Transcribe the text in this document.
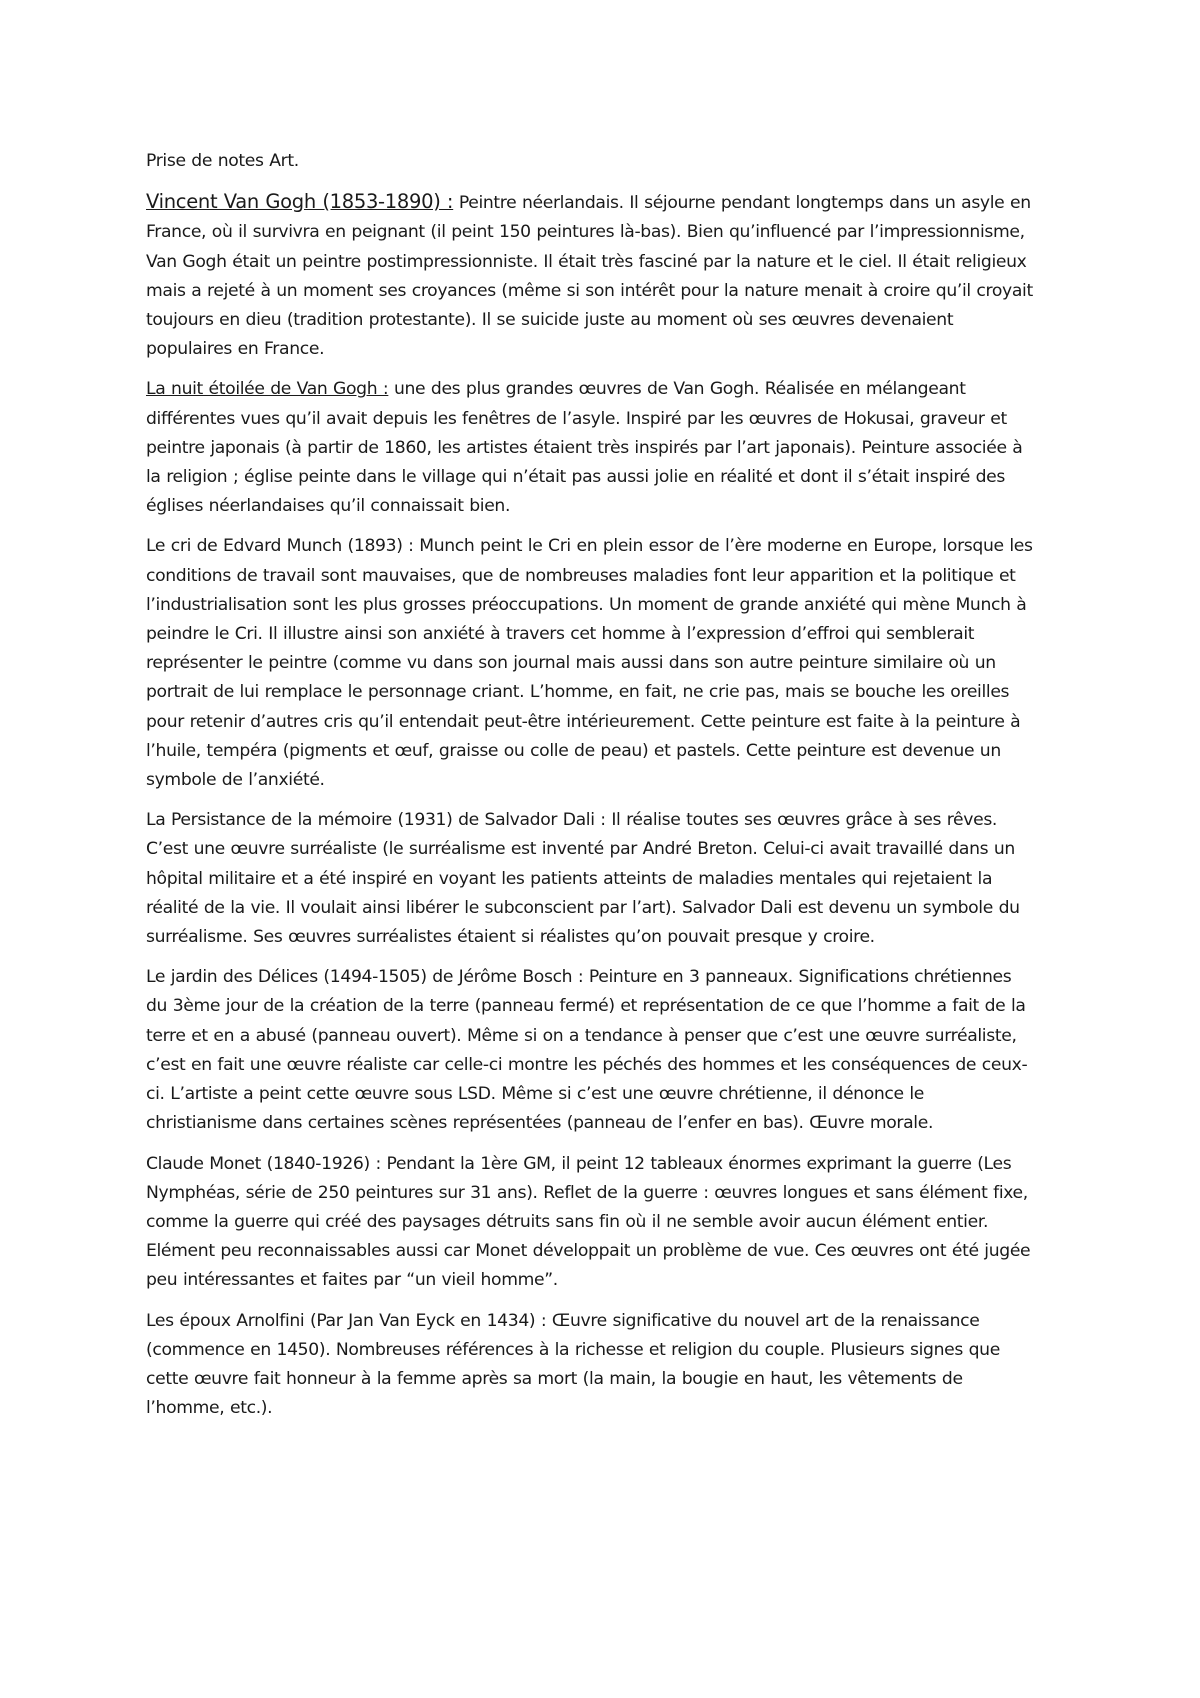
Prise de notes Art.

Vincent Van Gogh (1853-1890) : Peintre néerlandais. Il séjourne pendant longtemps dans un asyle en France, où il survivra en peignant (il peint 150 peintures là-bas). Bien qu’influencé par l’impressionnisme, Van Gogh était un peintre postimpressionniste. Il était très fasciné par la nature et le ciel. Il était religieux mais a rejeté à un moment ses croyances (même si son intérêt pour la nature menait à croire qu’il croyait toujours en dieu (tradition protestante). Il se suicide juste au moment où ses œuvres devenaient populaires en France.

La nuit étoilée de Van Gogh : une des plus grandes œuvres de Van Gogh. Réalisée en mélangeant différentes vues qu’il avait depuis les fenêtres de l’asyle. Inspiré par les œuvres de Hokusai, graveur et peintre japonais (à partir de 1860, les artistes étaient très inspirés par l’art japonais). Peinture associée à la religion ; église peinte dans le village qui n’était pas aussi jolie en réalité et dont il s’était inspiré des églises néerlandaises qu’il connaissait bien.

Le cri de Edvard Munch (1893) : Munch peint le Cri en plein essor de l’ère moderne en Europe, lorsque les conditions de travail sont mauvaises, que de nombreuses maladies font leur apparition et la politique et l’industrialisation sont les plus grosses préoccupations. Un moment de grande anxiété qui mène Munch à peindre le Cri. Il illustre ainsi son anxiété à travers cet homme à l’expression d’effroi qui semblerait représenter le peintre (comme vu dans son journal mais aussi dans son autre peinture similaire où un portrait de lui remplace le personnage criant. L’homme, en fait, ne crie pas, mais se bouche les oreilles pour retenir d’autres cris qu’il entendait peut-être intérieurement. Cette peinture est faite à la peinture à l’huile, tempéra (pigments et œuf, graisse ou colle de peau) et pastels. Cette peinture est devenue un symbole de l’anxiété.

La Persistance de la mémoire (1931) de Salvador Dali : Il réalise toutes ses œuvres grâce à ses rêves. C’est une œuvre surréaliste (le surréalisme est inventé par André Breton. Celui-ci avait travaillé dans un hôpital militaire et a été inspiré en voyant les patients atteints de maladies mentales qui rejetaient la réalité de la vie. Il voulait ainsi libérer le subconscient par l’art). Salvador Dali est devenu un symbole du surréalisme. Ses œuvres surréalistes étaient si réalistes qu’on pouvait presque y croire.

Le jardin des Délices (1494-1505) de Jérôme Bosch : Peinture en 3 panneaux. Significations chrétiennes du 3ème jour de la création de la terre (panneau fermé) et représentation de ce que l’homme a fait de la terre et en a abusé (panneau ouvert). Même si on a tendance à penser que c’est une œuvre surréaliste, c’est en fait une œuvre réaliste car celle-ci montre les péchés des hommes et les conséquences de ceux-ci. L’artiste a peint cette œuvre sous LSD. Même si c’est une œuvre chrétienne, il dénonce le christianisme dans certaines scènes représentées (panneau de l’enfer en bas). Œuvre morale.

Claude Monet (1840-1926) : Pendant la 1ère GM, il peint 12 tableaux énormes exprimant la guerre (Les Nymphéas, série de 250 peintures sur 31 ans). Reflet de la guerre : œuvres longues et sans élément fixe, comme la guerre qui créé des paysages détruits sans fin où il ne semble avoir aucun élément entier. Elément peu reconnaissables aussi car Monet développait un problème de vue. Ces œuvres ont été jugée peu intéressantes et faites par “un vieil homme”.

Les époux Arnolfini (Par Jan Van Eyck en 1434) : Œuvre significative du nouvel art de la renaissance (commence en 1450). Nombreuses références à la richesse et religion du couple. Plusieurs signes que cette œuvre fait honneur à la femme après sa mort (la main, la bougie en haut, les vêtements de l’homme, etc.).
